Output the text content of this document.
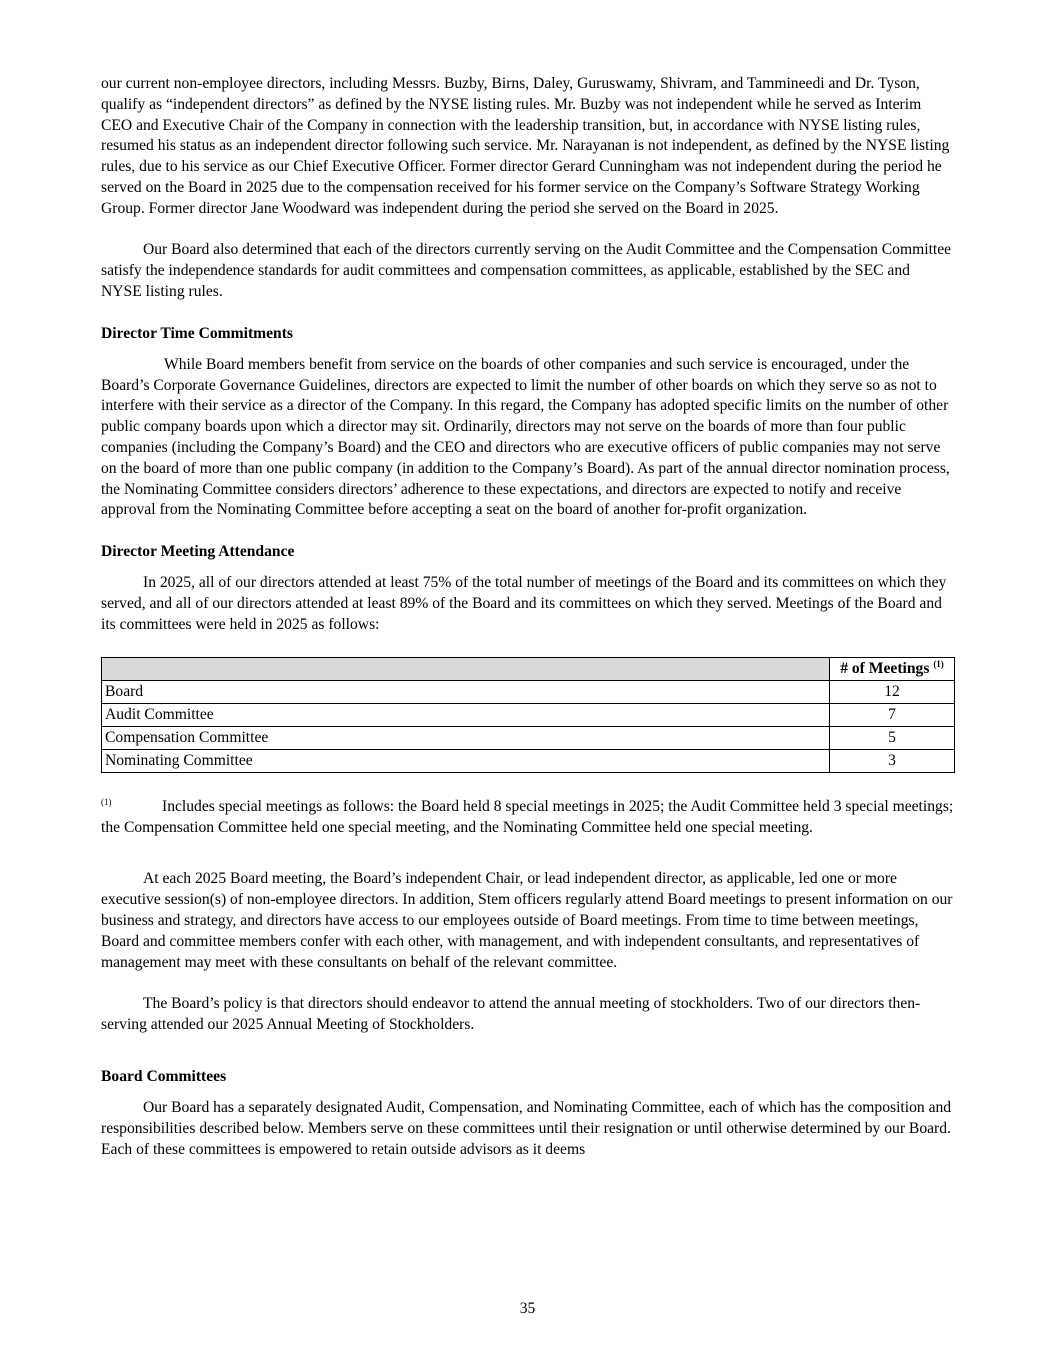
our current non-employee directors, including Messrs. Buzby, Birns, Daley, Guruswamy, Shivram, and Tammineedi and Dr. Tyson, qualify as “independent directors” as defined by the NYSE listing rules. Mr. Buzby was not independent while he served as Interim CEO and Executive Chair of the Company in connection with the leadership transition, but, in accordance with NYSE listing rules, resumed his status as an independent director following such service. Mr. Narayanan is not independent, as defined by the NYSE listing rules, due to his service as our Chief Executive Officer. Former director Gerard Cunningham was not independent during the period he served on the Board in 2025 due to the compensation received for his former service on the Company’s Software Strategy Working Group. Former director Jane Woodward was independent during the period she served on the Board in 2025.

Our Board also determined that each of the directors currently serving on the Audit Committee and the Compensation Committee satisfy the independence standards for audit committees and compensation committees, as applicable, established by the SEC and NYSE listing rules.

Director Time Commitments

While Board members benefit from service on the boards of other companies and such service is encouraged, under the Board’s Corporate Governance Guidelines, directors are expected to limit the number of other boards on which they serve so as not to interfere with their service as a director of the Company. In this regard, the Company has adopted specific limits on the number of other public company boards upon which a director may sit. Ordinarily, directors may not serve on the boards of more than four public companies (including the Company’s Board) and the CEO and directors who are executive officers of public companies may not serve on the board of more than one public company (in addition to the Company’s Board). As part of the annual director nomination process, the Nominating Committee considers directors’ adherence to these expectations, and directors are expected to notify and receive approval from the Nominating Committee before accepting a seat on the board of another for-profit organization.

Director Meeting Attendance

In 2025, all of our directors attended at least 75% of the total number of meetings of the Board and its committees on which they served, and all of our directors attended at least 89% of the Board and its committees on which they served. Meetings of the Board and its committees were held in 2025 as follows:

	# of Meetings $^{(1)}$
Board	12
Audit Committee	7
Compensation Committee	5
Nominating Committee	3

(1)	Includes special meetings as follows: the Board held 8 special meetings in 2025; the Audit Committee held 3 special meetings; the Compensation Committee held one special meeting, and the Nominating Committee held one special meeting.

At each 2025 Board meeting, the Board’s independent Chair, or lead independent director, as applicable, led one or more executive session(s) of non-employee directors. In addition, Stem officers regularly attend Board meetings to present information on our business and strategy, and directors have access to our employees outside of Board meetings. From time to time between meetings, Board and committee members confer with each other, with management, and with independent consultants, and representatives of management may meet with these consultants on behalf of the relevant committee.

The Board’s policy is that directors should endeavor to attend the annual meeting of stockholders. Two of our directors then-serving attended our 2025 Annual Meeting of Stockholders.

Board Committees

Our Board has a separately designated Audit, Compensation, and Nominating Committee, each of which has the composition and responsibilities described below. Members serve on these committees until their resignation or until otherwise determined by our Board. Each of these committees is empowered to retain outside advisors as it deems

35
